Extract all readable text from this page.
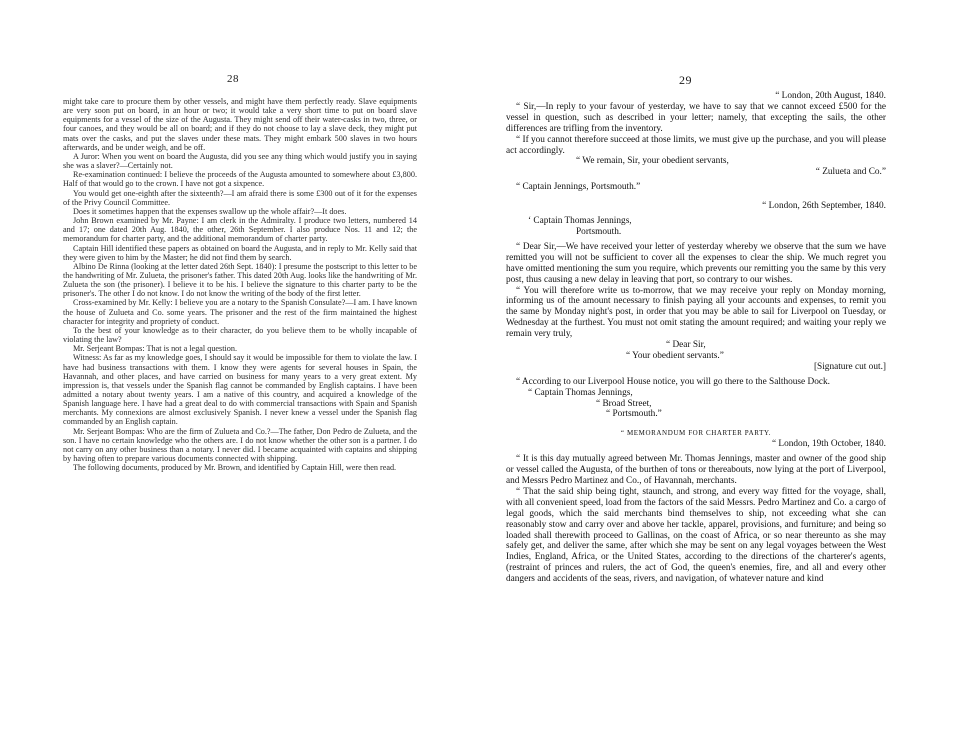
28

might take care to procure them by other vessels, and might have them perfectly ready. Slave equipments are very soon put on board, in an hour or two; it would take a very short time to put on board slave equipments for a vessel of the size of the Augusta. They might send off their water-casks in two, three, or four canoes, and they would be all on board; and if they do not choose to lay a slave deck, they might put mats over the casks, and put the slaves under these mats. They might embark 500 slaves in two hours afterwards, and be under weigh, and be off.

A Juror: When you went on board the Augusta, did you see any thing which would justify you in saying she was a slaver?—Certainly not.

Re-examination continued: I believe the proceeds of the Augusta amounted to somewhere about £3,800. Half of that would go to the crown. I have not got a sixpence.

You would get one-eighth after the sixteenth?—I am afraid there is some £300 out of it for the expenses of the Privy Council Committee.

Does it sometimes happen that the expenses swallow up the whole affair?—It does.

John Brown examined by Mr. Payne: I am clerk in the Admiralty. I produce two letters, numbered 14 and 17; one dated 20th Aug. 1840, the other, 26th September. I also produce Nos. 11 and 12; the memorandum for charter party, and the additional memorandum of charter party.

Captain Hill identified these papers as obtained on board the Augusta, and in reply to Mr. Kelly said that they were given to him by the Master; he did not find them by search.

Albino De Rinna (looking at the letter dated 26th Sept. 1840): I presume the postscript to this letter to be the handwriting of Mr. Zulueta, the prisoner's father. This dated 20th Aug. looks like the handwriting of Mr. Zulueta the son (the prisoner). I believe it to be his. I believe the signature to this charter party to be the prisoner's. The other I do not know. I do not know the writing of the body of the first letter.

Cross-examined by Mr. Kelly: I believe you are a notary to the Spanish Consulate?—I am. I have known the house of Zulueta and Co. some years. The prisoner and the rest of the firm maintained the highest character for integrity and propriety of conduct.

To the best of your knowledge as to their character, do you believe them to be wholly incapable of violating the law?

Mr. Serjeant Bompas: That is not a legal question.

Witness: As far as my knowledge goes, I should say it would be impossible for them to violate the law. I have had business transactions with them. I know they were agents for several houses in Spain, the Havannah, and other places, and have carried on business for many years to a very great extent. My impression is, that vessels under the Spanish flag cannot be commanded by English captains. I have been admitted a notary about twenty years. I am a native of this country, and acquired a knowledge of the Spanish language here. I have had a great deal to do with commercial transactions with Spain and Spanish merchants. My connexions are almost exclusively Spanish. I never knew a vessel under the Spanish flag commanded by an English captain.

Mr. Serjeant Bompas: Who are the firm of Zulueta and Co.?—The father, Don Pedro de Zulueta, and the son. I have no certain knowledge who the others are. I do not know whether the other son is a partner. I do not carry on any other business than a notary. I never did. I became acquainted with captains and shipping by having often to prepare various documents connected with shipping.

The following documents, produced by Mr. Brown, and identified by Captain Hill, were then read.

29

“ London, 20th August, 1840.

“ Sir,—In reply to your favour of yesterday, we have to say that we cannot exceed £500 for the vessel in question, such as described in your letter; namely, that excepting the sails, the other differences are trifling from the inventory.

“ If you cannot therefore succeed at those limits, we must give up the purchase, and you will please act accordingly.

“ We remain, Sir, your obedient servants,

“ Zulueta and Co.”

“ Captain Jennings, Portsmouth.”

“ London, 26th September, 1840.

‘ Captain Thomas Jennings,

Portsmouth.

“ Dear Sir,—We have received your letter of yesterday whereby we observe that the sum we have remitted you will not be sufficient to cover all the expenses to clear the ship. We much regret you have omitted mentioning the sum you require, which prevents our remitting you the same by this very post, thus causing a new delay in leaving that port, so contrary to our wishes.

“ You will therefore write us to-morrow, that we may receive your reply on Monday morning, informing us of the amount necessary to finish paying all your accounts and expenses, to remit you the same by Monday night's post, in order that you may be able to sail for Liverpool on Tuesday, or Wednesday at the furthest. You must not omit stating the amount required; and waiting your reply we remain very truly,

“ Dear Sir,

“ Your obedient servants.”

[Signature cut out.]

“ According to our Liverpool House notice, you will go there to the Salthouse Dock.

“ Captain Thomas Jennings,

“ Broad Street,

“ Portsmouth.”

“ MEMORANDUM FOR CHARTER PARTY.

“ London, 19th October, 1840.

“ It is this day mutually agreed between Mr. Thomas Jennings, master and owner of the good ship or vessel called the Augusta, of the burthen of tons or thereabouts, now lying at the port of Liverpool, and Messrs Pedro Martinez and Co., of Havannah, merchants.

“ That the said ship being tight, staunch, and strong, and every way fitted for the voyage, shall, with all convenient speed, load from the factors of the said Messrs. Pedro Martinez and Co. a cargo of legal goods, which the said merchants bind themselves to ship, not exceeding what she can reasonably stow and carry over and above her tackle, apparel, provisions, and furniture; and being so loaded shall therewith proceed to Gallinas, on the coast of Africa, or so near thereunto as she may safely get, and deliver the same, after which she may be sent on any legal voyages between the West Indies, England, Africa, or the United States, according to the directions of the charterer's agents, (restraint of princes and rulers, the act of God, the queen's enemies, fire, and all and every other dangers and accidents of the seas, rivers, and navigation, of whatever nature and kind
